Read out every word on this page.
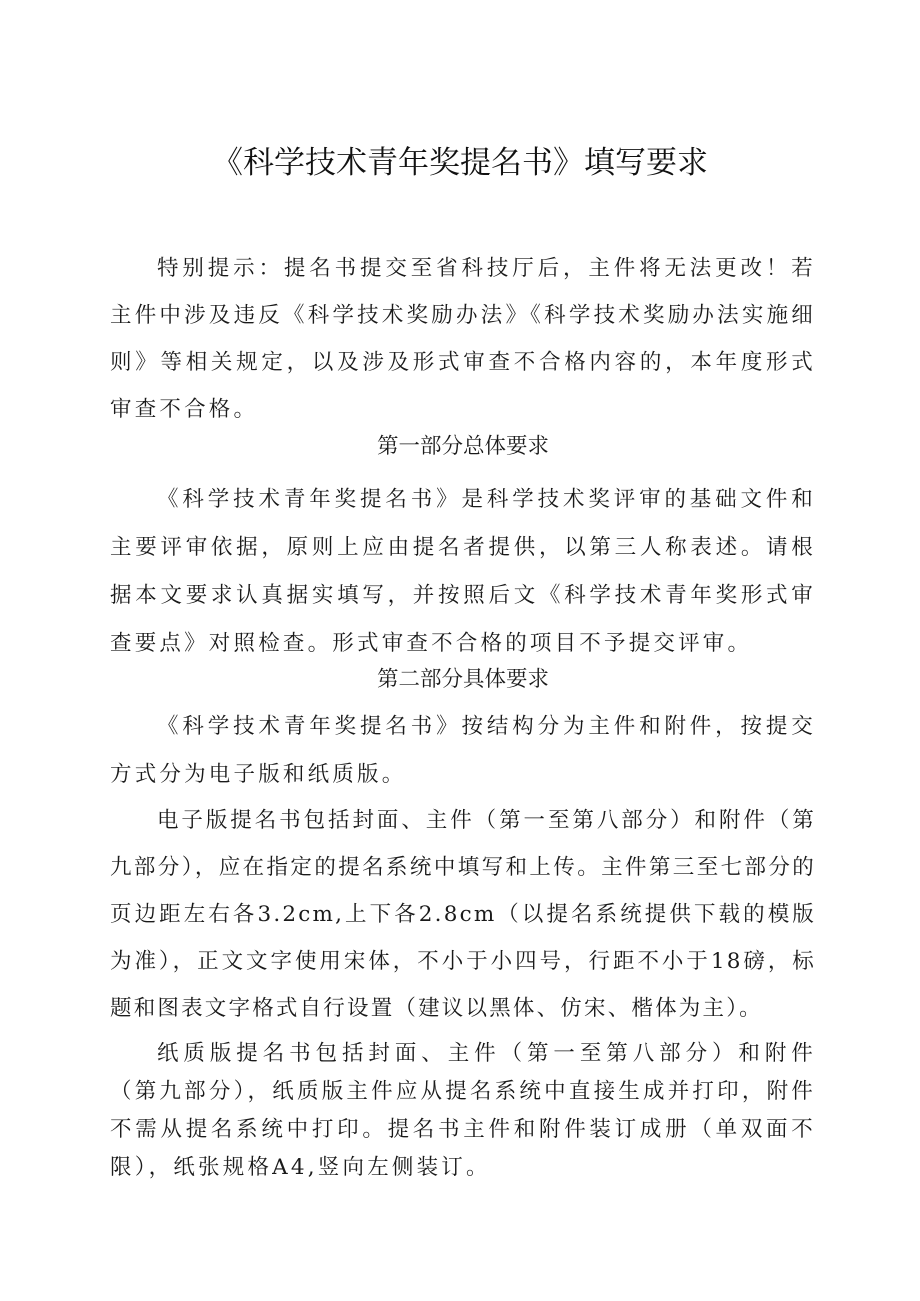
《科学技术青年奖提名书》填写要求
特别提示：提名书提交至省科技厅后，主件将无法更改！若主件中涉及违反《科学技术奖励办法》《科学技术奖励办法实施细则》等相关规定，以及涉及形式审查不合格内容的，本年度形式审查不合格。
第一部分总体要求
《科学技术青年奖提名书》是科学技术奖评审的基础文件和主要评审依据，原则上应由提名者提供，以第三人称表述。请根据本文要求认真据实填写，并按照后文《科学技术青年奖形式审查要点》对照检查。形式审查不合格的项目不予提交评审。
第二部分具体要求
《科学技术青年奖提名书》按结构分为主件和附件，按提交方式分为电子版和纸质版。
电子版提名书包括封面、主件（第一至第八部分）和附件（第九部分），应在指定的提名系统中填写和上传。主件第三至七部分的页边距左右各3.2cm,上下各2.8cm（以提名系统提供下载的模版为准），正文文字使用宋体，不小于小四号，行距不小于18磅，标题和图表文字格式自行设置（建议以黑体、仿宋、楷体为主）。
纸质版提名书包括封面、主件（第一至第八部分）和附件（第九部分），纸质版主件应从提名系统中直接生成并打印，附件不需从提名系统中打印。提名书主件和附件装订成册（单双面不限），纸张规格A4,竖向左侧装订。
